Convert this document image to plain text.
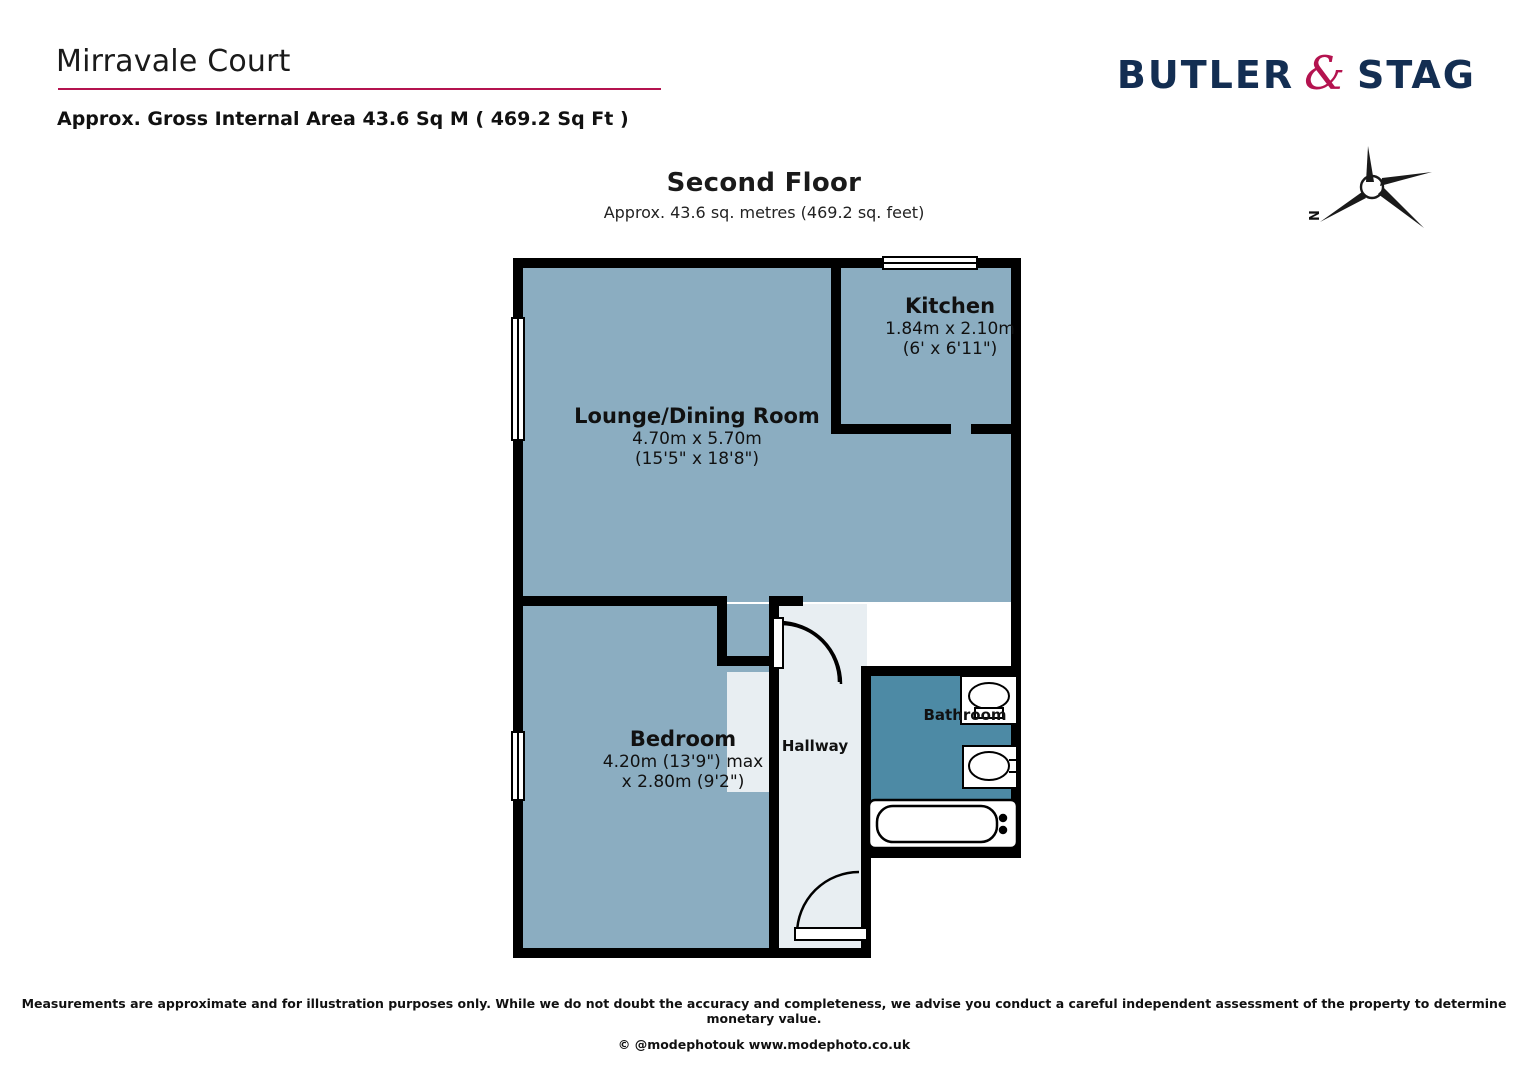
Mirravale Court
Approx. Gross Internal Area 43.6 Sq M ( 469.2 Sq Ft )
BUTLER & STAG
N
Second Floor
Approx. 43.6 sq. metres (469.2 sq. feet)
Lounge/Dining Room
4.70m x 5.70m
(15'5" x 18'8")
Kitchen
1.84m x 2.10m
(6' x 6'11")
Bedroom
4.20m (13'9") max
x 2.80m (9'2")
Hallway
Bathroom
Measurements are approximate and for illustration purposes only. While we do not doubt the accuracy and completeness, we advise you conduct a careful independent assessment of the property to determine monetary value.
© @modephotouk www.modephoto.co.uk
